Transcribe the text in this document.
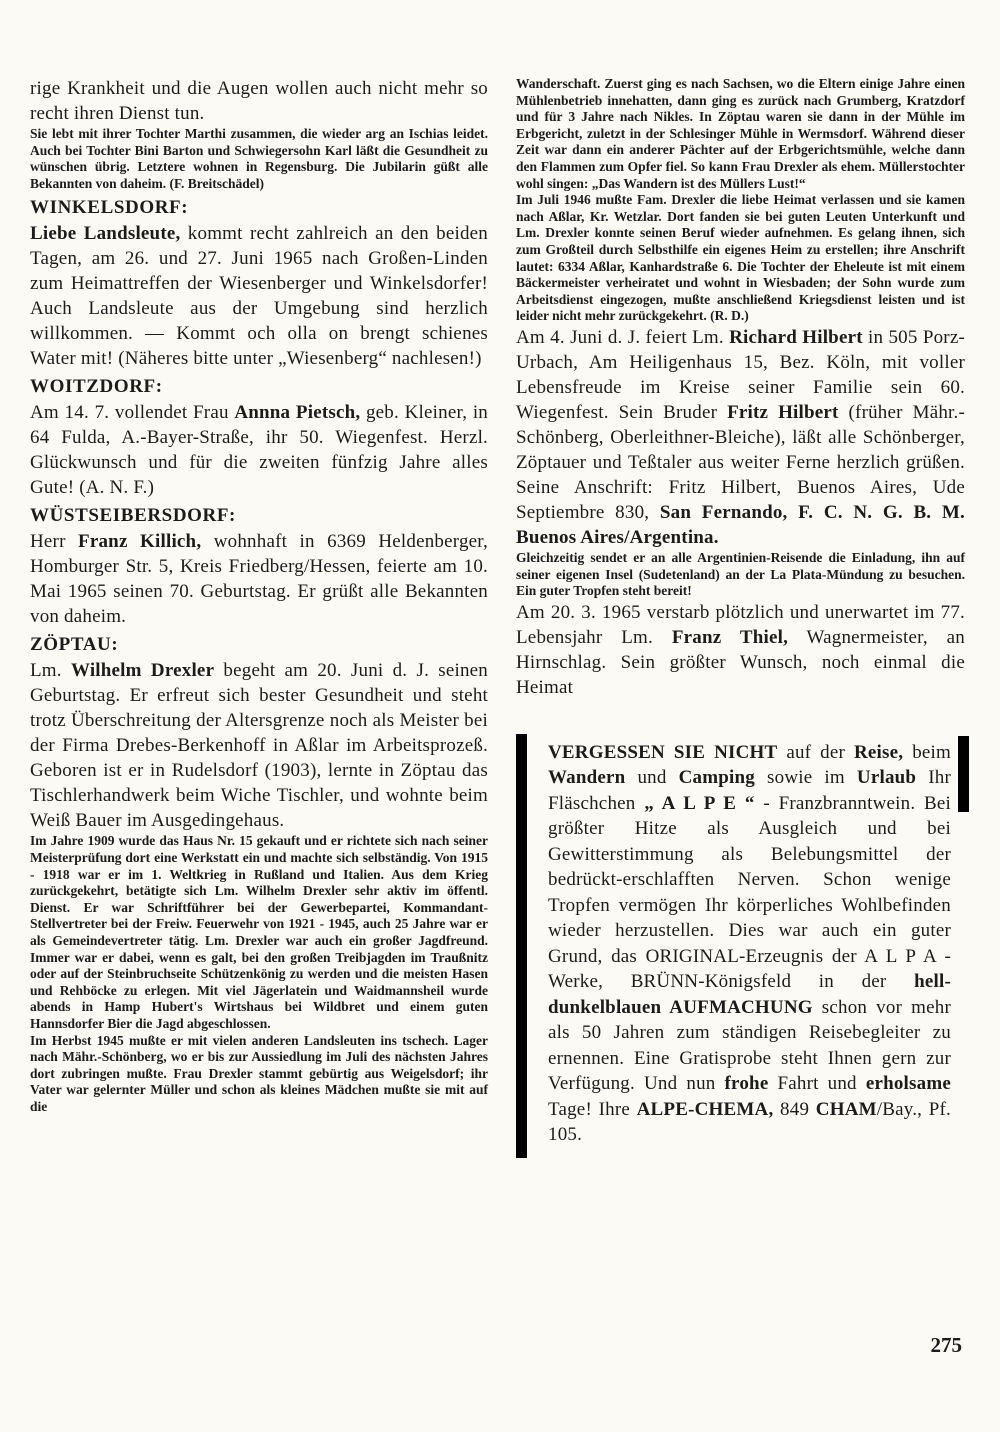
rige Krankheit und die Augen wollen auch nicht mehr so recht ihren Dienst tun.
Sie lebt mit ihrer Tochter Marthi zusammen, die wieder arg an Ischias leidet. Auch bei Tochter Bini Barton und Schwiegersohn Karl läßt die Gesundheit zu wünschen übrig. Letztere wohnen in Regensburg. Die Jubilarin güßt alle Bekannten von daheim. (F. Breitschädel)
WINKELSDORF:
Liebe Landsleute, kommt recht zahlreich an den beiden Tagen, am 26. und 27. Juni 1965 nach Großen-Linden zum Heimattreffen der Wiesenberger und Winkelsdorfer! Auch Landsleute aus der Umgebung sind herzlich willkommen. — Kommt och olla on brengt schienes Water mit! (Näheres bitte unter „Wiesenberg“ nachlesen!)
WOITZDORF:
Am 14. 7. vollendet Frau Annna Pietsch, geb. Kleiner, in 64 Fulda, A.-Bayer-Straße, ihr 50. Wiegenfest. Herzl. Glückwunsch und für die zweiten fünfzig Jahre alles Gute! (A. N. F.)
WÜSTSEIBERSDORF:
Herr Franz Killich, wohnhaft in 6369 Heldenberger, Homburger Str. 5, Kreis Friedberg/Hessen, feierte am 10. Mai 1965 seinen 70. Geburtstag. Er grüßt alle Bekannten von daheim.
ZÖPTAU:
Lm. Wilhelm Drexler begeht am 20. Juni d. J. seinen Geburtstag. Er erfreut sich bester Gesundheit und steht trotz Überschreitung der Altersgrenze noch als Meister bei der Firma Drebes-Berkenhoff in Aßlar im Arbeitsprozeß. Geboren ist er in Rudelsdorf (1903), lernte in Zöptau das Tischlerhandwerk beim Wiche Tischler, und wohnte beim Weiß Bauer im Ausgedingehaus.
Im Jahre 1909 wurde das Haus Nr. 15 gekauft und er richtete sich nach seiner Meisterprüfung dort eine Werkstatt ein und machte sich selbständig. Von 1915 - 1918 war er im 1. Weltkrieg in Rußland und Italien. Aus dem Krieg zurückgekehrt, betätigte sich Lm. Wilhelm Drexler sehr aktiv im öffentl. Dienst. Er war Schriftführer bei der Gewerbepartei, Kommandant-Stellvertreter bei der Freiw. Feuerwehr von 1921 - 1945, auch 25 Jahre war er als Gemeindevertreter tätig. Lm. Drexler war auch ein großer Jagdfreund. Immer war er dabei, wenn es galt, bei den großen Treibjagden im Traußnitz oder auf der Steinbruchseite Schützenkönig zu werden und die meisten Hasen und Rehböcke zu erlegen. Mit viel Jägerlatein und Waidmannsheil wurde abends in Hamp Hubert's Wirtshaus bei Wildbret und einem guten Hannsdorfer Bier die Jagd abgeschlossen.
Im Herbst 1945 mußte er mit vielen anderen Landsleuten ins tschech. Lager nach Mähr.-Schönberg, wo er bis zur Aussiedlung im Juli des nächsten Jahres dort zubringen mußte. Frau Drexler stammt gebürtig aus Weigelsdorf; ihr Vater war gelernter Müller und schon als kleines Mädchen mußte sie mit auf die
Wanderschaft. Zuerst ging es nach Sachsen, wo die Eltern einige Jahre einen Mühlenbetrieb innehatten, dann ging es zurück nach Grumberg, Kratzdorf und für 3 Jahre nach Nikles. In Zöptau waren sie dann in der Mühle im Erbgericht, zuletzt in der Schlesinger Mühle in Wermsdorf. Während dieser Zeit war dann ein anderer Pächter auf der Erbgerichtsmühle, welche dann den Flammen zum Opfer fiel. So kann Frau Drexler als ehem. Müllerstochter wohl singen: „Das Wandern ist des Müllers Lust!“
Im Juli 1946 mußte Fam. Drexler die liebe Heimat verlassen und sie kamen nach Aßlar, Kr. Wetzlar. Dort fanden sie bei guten Leuten Unterkunft und Lm. Drexler konnte seinen Beruf wieder aufnehmen. Es gelang ihnen, sich zum Großteil durch Selbsthilfe ein eigenes Heim zu erstellen; ihre Anschrift lautet: 6334 Aßlar, Kanhardstraße 6. Die Tochter der Eheleute ist mit einem Bäckermeister verheiratet und wohnt in Wiesbaden; der Sohn wurde zum Arbeitsdienst eingezogen, mußte anschließend Kriegsdienst leisten und ist leider nicht mehr zurückgekehrt. (R. D.)
Am 4. Juni d. J. feiert Lm. Richard Hilbert in 505 Porz-Urbach, Am Heiligenhaus 15, Bez. Köln, mit voller Lebensfreude im Kreise seiner Familie sein 60. Wiegenfest. Sein Bruder Fritz Hilbert (früher Mähr.-Schönberg, Oberleithner-Bleiche), läßt alle Schönberger, Zöptauer und Teßtaler aus weiter Ferne herzlich grüßen. Seine Anschrift: Fritz Hilbert, Buenos Aires, Ude Septiembre 830, San Fernando, F. C. N. G. B. M. Buenos Aires/Argentina.
Gleichzeitig sendet er an alle Argentinien-Reisende die Einladung, ihn auf seiner eigenen Insel (Sudetenland) an der La Plata-Mündung zu besuchen. Ein guter Tropfen steht bereit!
Am 20. 3. 1965 verstarb plötzlich und unerwartet im 77. Lebensjahr Lm. Franz Thiel, Wagnermeister, an Hirnschlag. Sein größter Wunsch, noch einmal die Heimat
VERGESSEN SIE NICHT auf der Reise, beim Wandern und Camping sowie im Urlaub Ihr Fläschchen „ A L P E “ - Franzbranntwein. Bei größter Hitze als Ausgleich und bei Gewitterstimmung als Belebungsmittel der bedrückt-erschlafften Nerven. Schon wenige Tropfen vermögen Ihr körperliches Wohlbefinden wieder herzustellen. Dies war auch ein guter Grund, das ORIGINAL-Erzeugnis der A L P A - Werke, BRÜNN-Königsfeld in der hell-dunkelblauen AUFMACHUNG schon vor mehr als 50 Jahren zum ständigen Reisebegleiter zu ernennen. Eine Gratisprobe steht Ihnen gern zur Verfügung. Und nun frohe Fahrt und erholsame Tage! Ihre ALPE-CHEMA, 849 CHAM/Bay., Pf. 105.
275
